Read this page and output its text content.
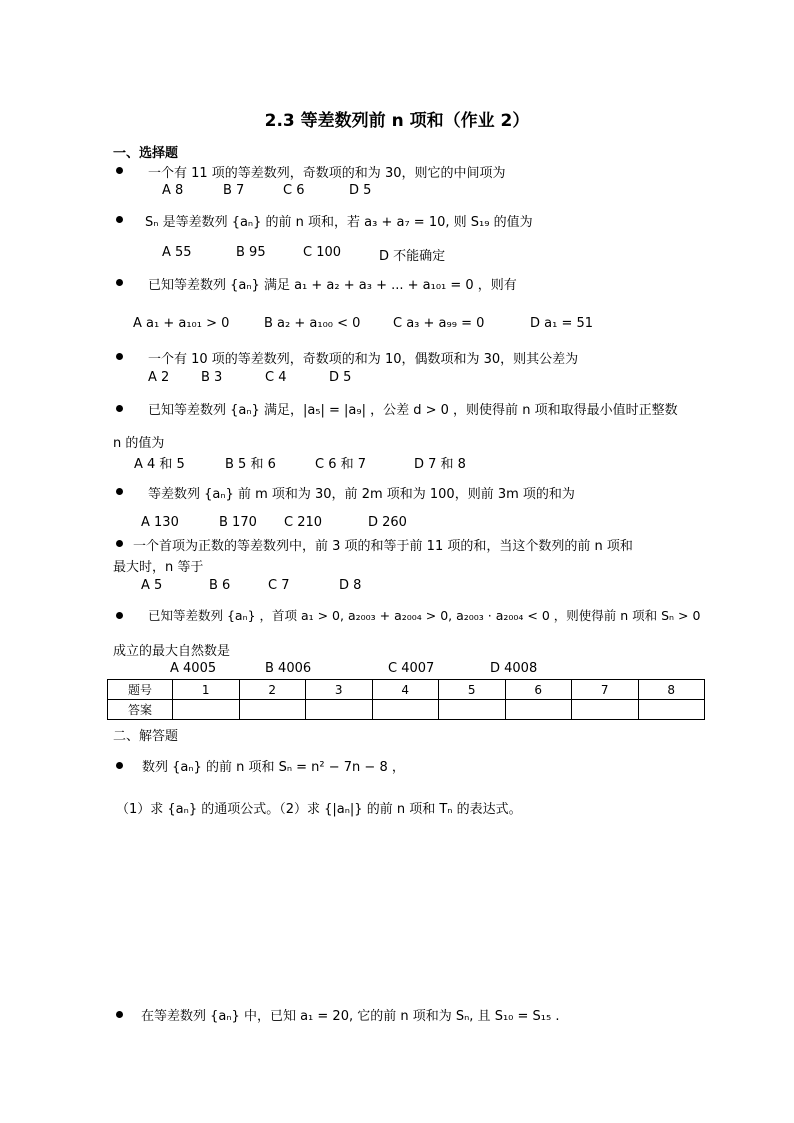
2.3 等差数列前 n 项和（作业 2）
一、选择题
一个有 11 项的等差数列，奇数项的和为 30，则它的中间项为
A 8	B 7	C 6	D 5
Sₙ 是等差数列 {aₙ} 的前 n 项和，若 a₃ + a₇ = 10, 则 S₁₉ 的值为
A 55	B 95	C 100	D 不能确定
已知等差数列 {aₙ} 满足 a₁ + a₂ + a₃ + ... + a₁₀₁ = 0 ，则有
A a₁ + a₁₀₁ > 0	B a₂ + a₁₀₀ < 0	C a₃ + a₉₉ = 0	D a₁ = 51
一个有 10 项的等差数列，奇数项的和为 10，偶数项和为 30，则其公差为
A 2 B 3	C 4	D 5
已知等差数列 {aₙ} 满足，|a₅| = |a₉| ，公差 d > 0 ，则使得前 n 项和取得最小值时正整数
n 的值为
A 4 和 5	B 5 和 6	C 6 和 7	D 7 和 8
等差数列 {aₙ} 前 m 项和为 30，前 2m 项和为 100，则前 3m 项的和为
A 130	B 170 C 210	D 260
一个首项为正数的等差数列中，前 3 项的和等于前 11 项的和，当这个数列的前 n 项和
最大时，n 等于
A 5	B 6	C 7	D 8
已知等差数列 {aₙ} ，首项 a₁ > 0, a₂₀₀₃ + a₂₀₀₄ > 0, a₂₀₀₃ · a₂₀₀₄ < 0 ，则使得前 n 项和 Sₙ > 0
成立的最大自然数是
A 4005	B 4006	C 4007	D 4008
题号	1	2	3	4	5	6	7	8
答案								
二、解答题
数列 {aₙ} 的前 n 项和 Sₙ = n² − 7n − 8 ，
（1）求 {aₙ} 的通项公式。（2）求 {|aₙ|} 的前 n 项和 Tₙ 的表达式。
在等差数列 {aₙ} 中，已知 a₁ = 20, 它的前 n 项和为 Sₙ, 且 S₁₀ = S₁₅ .
